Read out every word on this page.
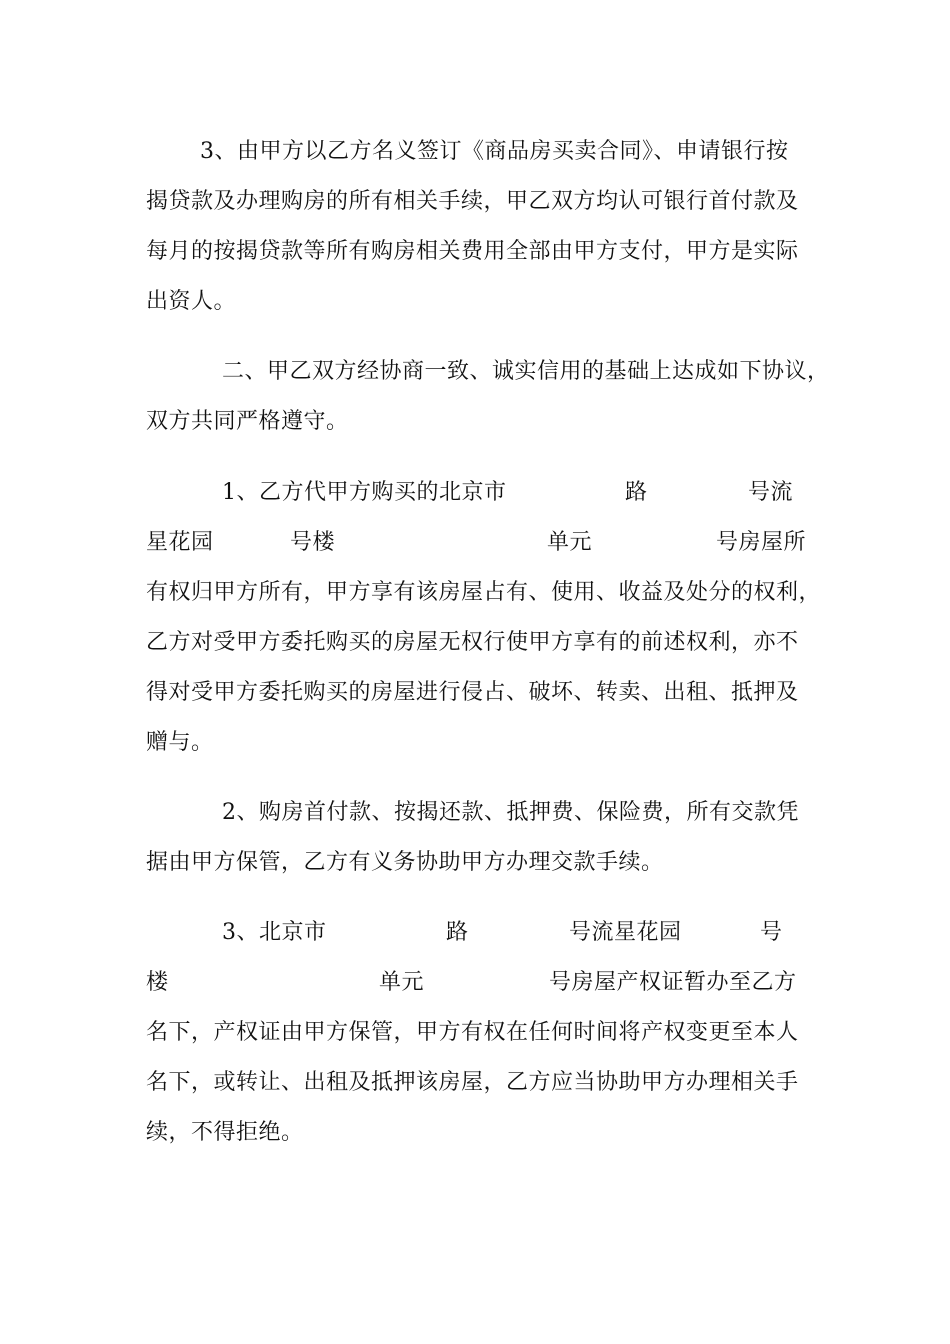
3、由甲方以乙方名义签订《商品房买卖合同》、申请银行按
揭贷款及办理购房的所有相关手续，甲乙双方均认可银行首付款及
每月的按揭贷款等所有购房相关费用全部由甲方支付，甲方是实际
出资人。
二、甲乙双方经协商一致、诚实信用的基础上达成如下协议，
双方共同严格遵守。
1、乙方代甲方购买的北京市	路	号流
星花园	号楼	单元	号房屋所
有权归甲方所有，甲方享有该房屋占有、使用、收益及处分的权利，
乙方对受甲方委托购买的房屋无权行使甲方享有的前述权利，亦不
得对受甲方委托购买的房屋进行侵占、破坏、转卖、出租、抵押及
赠与。
2、购房首付款、按揭还款、抵押费、保险费，所有交款凭
据由甲方保管，乙方有义务协助甲方办理交款手续。
3、北京市	路	号流星花园	号
楼	单元	号房屋产权证暂办至乙方
名下，产权证由甲方保管，甲方有权在任何时间将产权变更至本人
名下，或转让、出租及抵押该房屋，乙方应当协助甲方办理相关手
续，不得拒绝。
